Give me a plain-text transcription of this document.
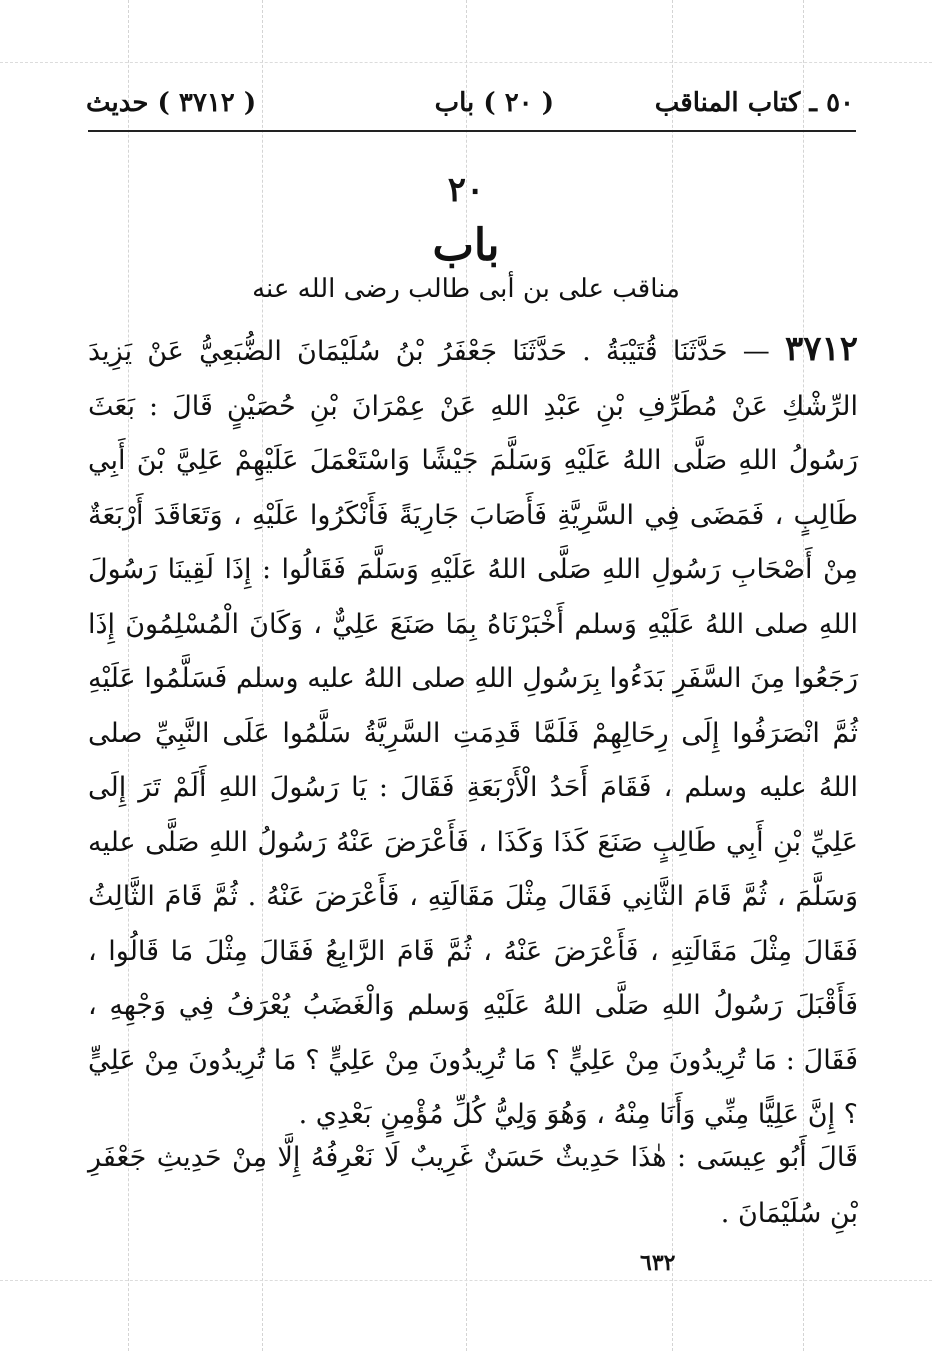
٥٠ ـ كتاب المناقب
( ٢٠ ) باب
( ٣٧١٢ ) حديث
٢٠
باب
مناقب على بن أبى طالب رضى الله عنه
٣٧١٢ — حَدَّثَنَا قُتَيْبَةُ . حَدَّثَنَا جَعْفَرُ بْنُ سُلَيْمَانَ الضُّبَعِيُّ عَنْ يَزِيدَ الرِّشْكِ عَنْ مُطَرِّفِ بْنِ عَبْدِ اللهِ عَنْ عِمْرَانَ بْنِ حُصَيْنٍ قَالَ : بَعَثَ رَسُولُ اللهِ صَلَّى اللهُ عَلَيْهِ وَسَلَّمَ جَيْشًا وَاسْتَعْمَلَ عَلَيْهِمْ عَلِيَّ بْنَ أَبِي طَالِبٍ ، فَمَضَى فِي السَّرِيَّةِ فَأَصَابَ جَارِيَةً فَأَنْكَرُوا عَلَيْهِ ، وَتَعَاقَدَ أَرْبَعَةٌ مِنْ أَصْحَابِ رَسُولِ اللهِ صَلَّى اللهُ عَلَيْهِ وَسَلَّمَ فَقَالُوا : إِذَا لَقِينَا رَسُولَ اللهِ صلى اللهُ عَلَيْهِ وَسلم أَخْبَرْنَاهُ بِمَا صَنَعَ عَلِيٌّ ، وَكَانَ الْمُسْلِمُونَ إِذَا رَجَعُوا مِنَ السَّفَرِ بَدَءُوا بِرَسُولِ اللهِ صلى اللهُ عليه وسلم فَسَلَّمُوا عَلَيْهِ ثُمَّ انْصَرَفُوا إِلَى رِحَالِهِمْ فَلَمَّا قَدِمَتِ السَّرِيَّةُ سَلَّمُوا عَلَى النَّبِيِّ صلى اللهُ عليه وسلم ، فَقَامَ أَحَدُ الْأَرْبَعَةِ فَقَالَ : يَا رَسُولَ اللهِ أَلَمْ تَرَ إِلَى عَلِيِّ بْنِ أَبِي طَالِبٍ صَنَعَ كَذَا وَكَذَا ، فَأَعْرَضَ عَنْهُ رَسُولُ اللهِ صَلَّى عليه وَسَلَّمَ ، ثُمَّ قَامَ الثَّانِي فَقَالَ مِثْلَ مَقَالَتِهِ ، فَأَعْرَضَ عَنْهُ . ثُمَّ قَامَ الثَّالِثُ فَقَالَ مِثْلَ مَقَالَتِهِ ، فَأَعْرَضَ عَنْهُ ، ثُمَّ قَامَ الرَّابِعُ فَقَالَ مِثْلَ مَا قَالُوا ، فَأَقْبَلَ رَسُولُ اللهِ صَلَّى اللهُ عَلَيْهِ وَسلم وَالْغَضَبُ يُعْرَفُ فِي وَجْهِهِ ، فَقَالَ : مَا تُرِيدُونَ مِنْ عَلِيٍّ ؟ مَا تُرِيدُونَ مِنْ عَلِيٍّ ؟ مَا تُرِيدُونَ مِنْ عَلِيٍّ ؟ إِنَّ عَلِيًّا مِنِّي وَأَنَا مِنْهُ ، وَهُوَ وَلِيُّ كُلِّ مُؤْمِنٍ بَعْدِي .
قَالَ أَبُو عِيسَى : هٰذَا حَدِيثٌ حَسَنٌ غَرِيبٌ لَا نَعْرِفُهُ إِلَّا مِنْ حَدِيثِ جَعْفَرِ بْنِ سُلَيْمَانَ .
٦٣٢
